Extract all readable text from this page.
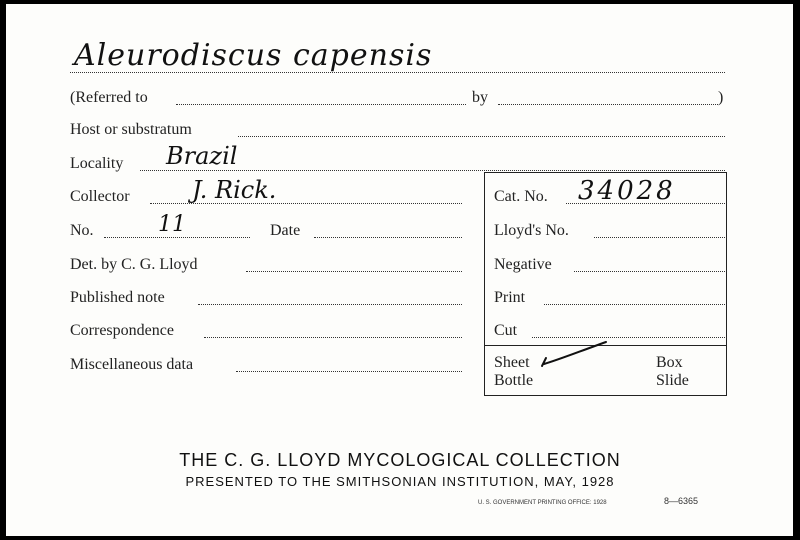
Aleurodiscus capensis
(Referred to	by	)
Host or substratum
Locality Brazil
Collector	J. Rick.
No.	11	Date
Det. by C. G. Lloyd
Published note
Correspondence
Miscellaneous data
Cat. No. 34028
Lloyd's No.
Negative
Print
Cut
Sheet	Box
Bottle	Slide
THE C. G. LLOYD MYCOLOGICAL COLLECTION
PRESENTED TO THE SMITHSONIAN INSTITUTION, MAY, 1928
U. S. GOVERNMENT PRINTING OFFICE: 1928	8—6365
